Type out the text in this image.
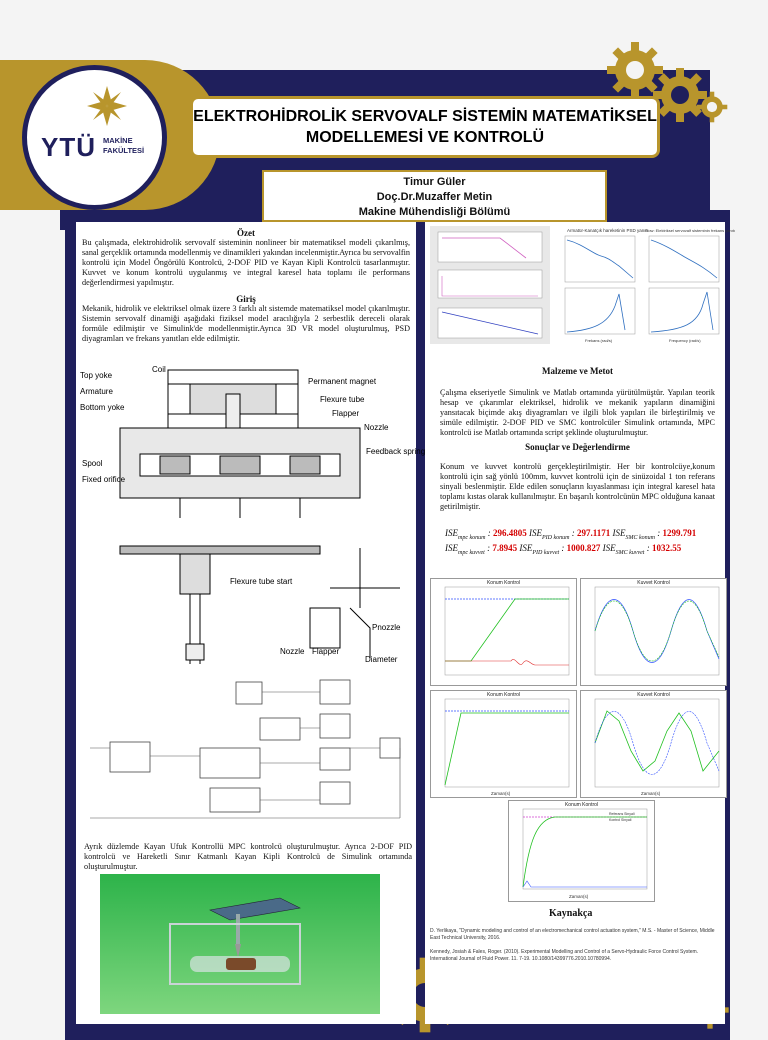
YTÜ MAKİNE
FAKÜLTESİ
ELEKTROHİDROLİK SERVOVALF SİSTEMİN MATEMATİKSEL
MODELLEMESİ VE KONTROLÜ
Timur Güler
Doç.Dr.Muzaffer Metin
Makine Mühendisliği Bölümü

Özet

Bu çalışmada, elektrohidrolik servovalf sisteminin nonlineer bir matematiksel modeli çıkarılmış, sanal gerçeklik ortamında modellenmiş ve dinamikleri yakından incelenmiştir.Ayrıca bu servovalfin kontrolü için Model Öngörülü Kontrolcü, 2-DOF PID ve Kayan Kipli Kontrolcü tasarlanmıştır. Kuvvet ve konum kontrolü uygulanmış ve integral karesel hata toplamı ile performans değerlendirmesi yapılmıştır.

Giriş

Mekanik, hidrolik ve elektriksel olmak üzere 3 farklı alt sistemde matematiksel model çıkarılmıştır. Sistemin servovalf dinamiği aşağıdaki fiziksel model aracılığıyla 2 serbestlik dereceli olarak formüle edilmiştir ve Simulink'de modellenmiştir.Ayrıca 3D VR model oluşturulmuş, PSD diyagramları ve frekans yanıtları elde edilmiştir.

Top yoke
Armature
Bottom yoke
Coil
Permanent magnet
Flexure tube
Flapper
Nozzle
Feedback spring
Spool
Fixed orifice
Flexure tube start
Nozzle Flapper
Diameter
Pnozzle

Ayrık düzlemde Kayan Ufuk Kontrollü MPC kontrolcü oluşturulmuştur. Ayrıca 2-DOF PID kontrolcü ve Hareketli Sınır Katmanlı Kayan Kipli Kontrolcü de Simulink ortamında oluşturulmuştur.

Armatür-Kanatçık hareketinin PSD yanıtı
Flow: Elektriksel servovalf sisteminin frekans yanıtı
Frekans (rad/s)	Frequency (rad/s)

Malzeme ve Metot

Çalışma ekseriyetle Simulink ve Matlab ortamında yürütülmüştür. Yapılan teorik hesap ve çıkarımlar elektriksel, hidrolik ve mekanik yapıların dinamiğini yansıtacak biçimde akış diyagramları ve ilgili blok yapıları ile birleştirilmiş ve simüle edilmiştir. 2-DOF PID ve SMC kontrolcüler Simulink ortamında, MPC kontrolcü ise Matlab ortamında script şeklinde oluşturulmuştur.

Sonuçlar ve Değerlendirme

Konum ve kuvvet kontrolü gerçekleştirilmiştir. Her bir kontrolcüye,konum kontrolü için sağ yönlü 100mm, kuvvet kontrolü için de sinüzoidal 1 ton referans sinyali beslenmiştir. Elde edilen sonuçların kıyaslanması için integral karesel hata toplamı kıstas olarak kullanılmıştır. En başarılı kontrolcünün MPC olduğuna kanaat getirilmiştir.

$ISE_{mpc konum}$ : 296.4805 $ISE_{PID konum}$ : 297.1171 $ISE_{SMC konum}$ : 1299.791
$ISE_{mpc kuvvet}$ : 7.8945 $ISE_{PID kuvvet}$ : 1000.827 $ISE_{SMC kuvvet}$ : 1032.55
Konum Kontrol	Kuvvet Kontrol
Konum Kontrol
Zaman(s)
Kuvvet Kontrol
Zaman(s)
Konum Kontrol
Zaman(s)
Referans Sinyali
Kontrol Sinyali
Kaynakça

D. Yerlikaya, "Dynamic modeling and control of an electromechanical control actuation system," M.S. - Master of Science, Middle East Technical University, 2016.

Kennedy, Josiah & Fales, Roger. (2010). Experimental Modelling and Control of a Servo-Hydraulic Force Control System. International Journal of Fluid Power. 11. 7-19. 10.1080/14399776.2010.10780994.
